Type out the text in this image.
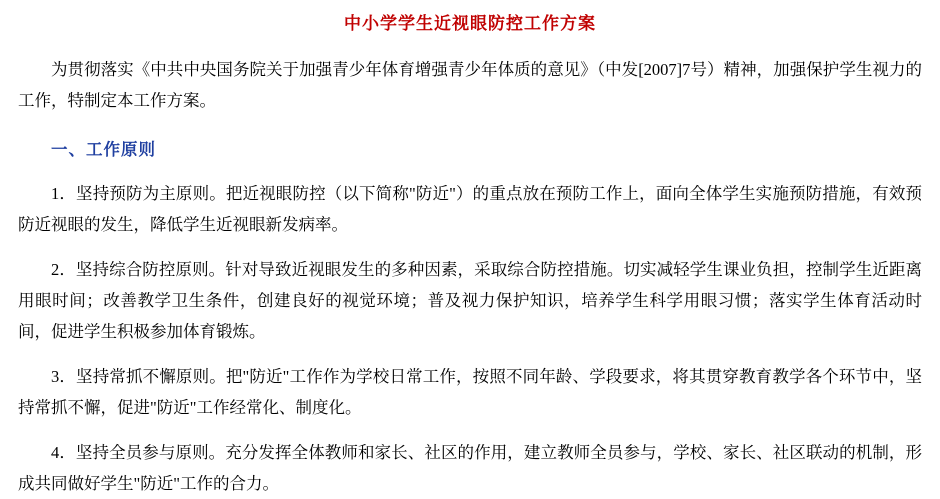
中小学学生近视眼防控工作方案

为贯彻落实《中共中央国务院关于加强青少年体育增强青少年体质的意见》（中发[2007]7号）精神，加强保护学生视力的工作，特制定本工作方案。

一、工作原则

1．坚持预防为主原则。把近视眼防控（以下简称"防近"）的重点放在预防工作上，面向全体学生实施预防措施，有效预防近视眼的发生，降低学生近视眼新发病率。

2．坚持综合防控原则。针对导致近视眼发生的多种因素，采取综合防控措施。切实减轻学生课业负担，控制学生近距离用眼时间；改善教学卫生条件，创建良好的视觉环境；普及视力保护知识，培养学生科学用眼习惯；落实学生体育活动时间，促进学生积极参加体育锻炼。

3．坚持常抓不懈原则。把"防近"工作作为学校日常工作，按照不同年龄、学段要求，将其贯穿教育教学各个环节中，坚持常抓不懈，促进"防近"工作经常化、制度化。

4．坚持全员参与原则。充分发挥全体教师和家长、社区的作用，建立教师全员参与，学校、家长、社区联动的机制，形成共同做好学生"防近"工作的合力。
